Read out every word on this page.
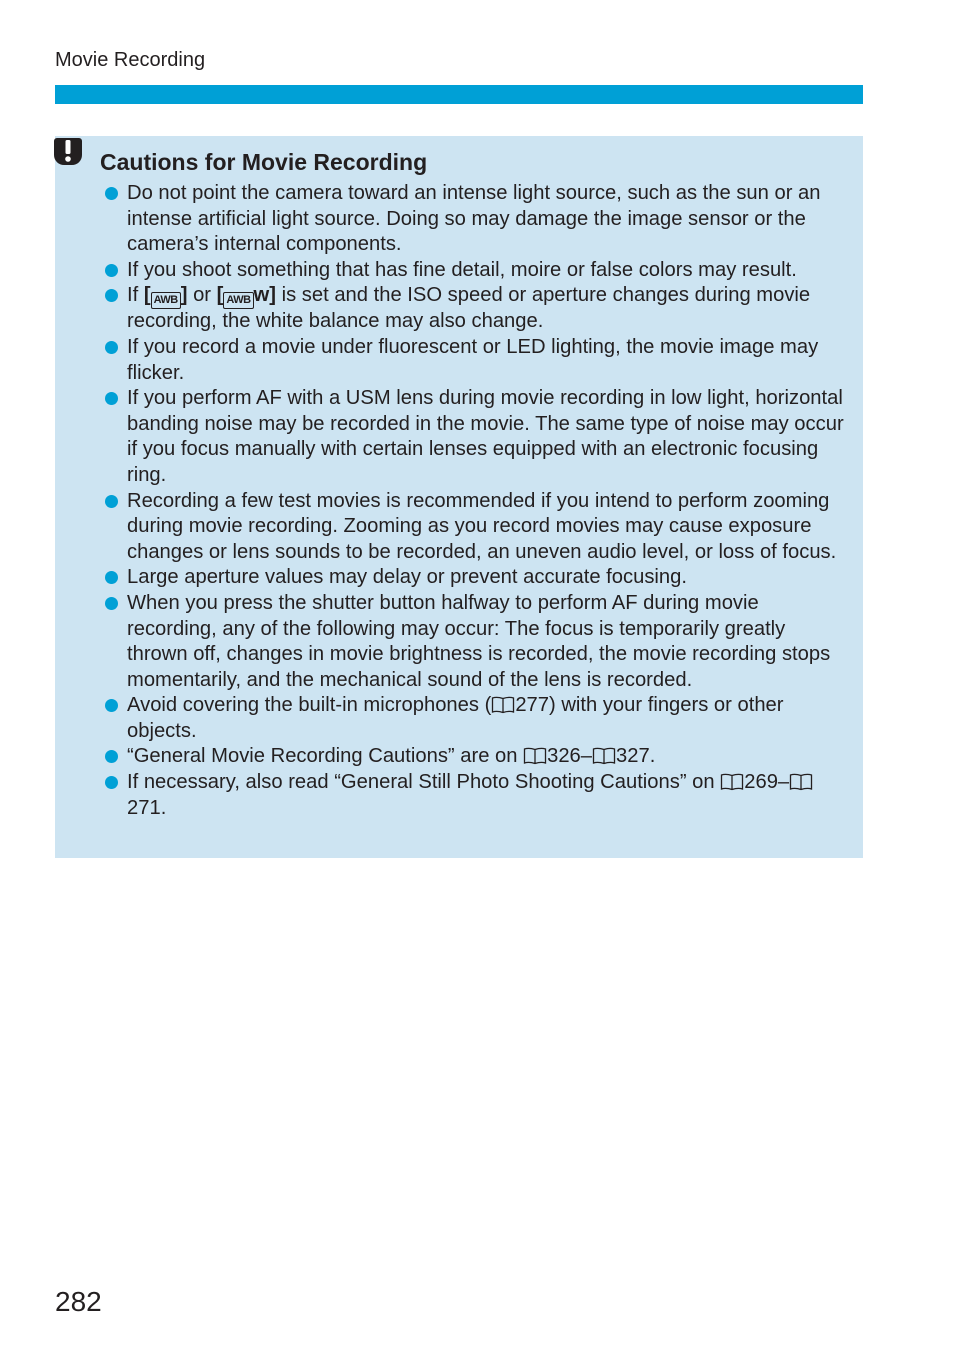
Movie Recording
Cautions for Movie Recording
Do not point the camera toward an intense light source, such as the sun or an intense artificial light source. Doing so may damage the image sensor or the camera’s internal components.
If you shoot something that has fine detail, moire or false colors may result.
If [ AWB ] or [ AWB w] is set and the ISO speed or aperture changes during movie recording, the white balance may also change.
If you record a movie under fluorescent or LED lighting, the movie image may flicker.
If you perform AF with a USM lens during movie recording in low light, horizontal banding noise may be recorded in the movie. The same type of noise may occur if you focus manually with certain lenses equipped with an electronic focusing ring.
Recording a few test movies is recommended if you intend to perform zooming during movie recording. Zooming as you record movies may cause exposure changes or lens sounds to be recorded, an uneven audio level, or loss of focus.
Large aperture values may delay or prevent accurate focusing.
When you press the shutter button halfway to perform AF during movie recording, any of the following may occur: The focus is temporarily greatly thrown off, changes in movie brightness is recorded, the movie recording stops momentarily, and the mechanical sound of the lens is recorded.
Avoid covering the built-in microphones ( 277) with your fingers or other objects.
“General Movie Recording Cautions” are on 326– 327.
If necessary, also read “General Still Photo Shooting Cautions” on 269–271.
282
